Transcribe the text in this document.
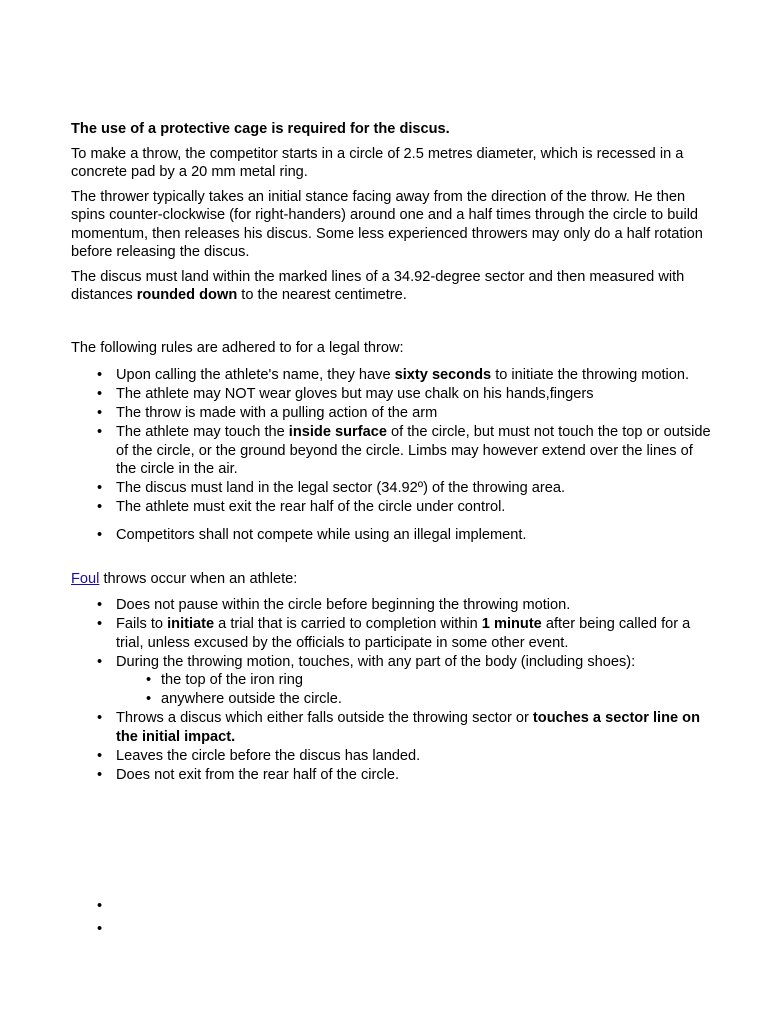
The use of a protective cage is required for the discus.

To make a throw, the competitor starts in a circle of 2.5 metres diameter, which is recessed in a concrete pad by a 20 mm metal ring.

The thrower typically takes an initial stance facing away from the direction of the throw. He then spins counter-clockwise (for right-handers) around one and a half times through the circle to build momentum, then releases his discus. Some less experienced throwers may only do a half rotation before releasing the discus.

The discus must land within the marked lines of a 34.92-degree sector and then measured with distances rounded down to the nearest centimetre.

The following rules are adhered to for a legal throw:

• Upon calling the athlete's name, they have sixty seconds to initiate the throwing motion.
• The athlete may NOT wear gloves but may use chalk on his hands,fingers
• The throw is made with a pulling action of the arm
• The athlete may touch the inside surface of the circle, but must not touch the top or outside of the circle, or the ground beyond the circle. Limbs may however extend over the lines of the circle in the air.
• The discus must land in the legal sector (34.92º) of the throwing area.
• The athlete must exit the rear half of the circle under control.
• Competitors shall not compete while using an illegal implement.

Foul throws occur when an athlete:

• Does not pause within the circle before beginning the throwing motion.
• Fails to initiate a trial that is carried to completion within 1 minute after being called for a trial, unless excused by the officials to participate in some other event.
• During the throwing motion, touches, with any part of the body (including shoes):
• the top of the iron ring
• anywhere outside the circle.
• Throws a discus which either falls outside the throwing sector or touches a sector line on the initial impact.
• Leaves the circle before the discus has landed.
• Does not exit from the rear half of the circle.
•
•
